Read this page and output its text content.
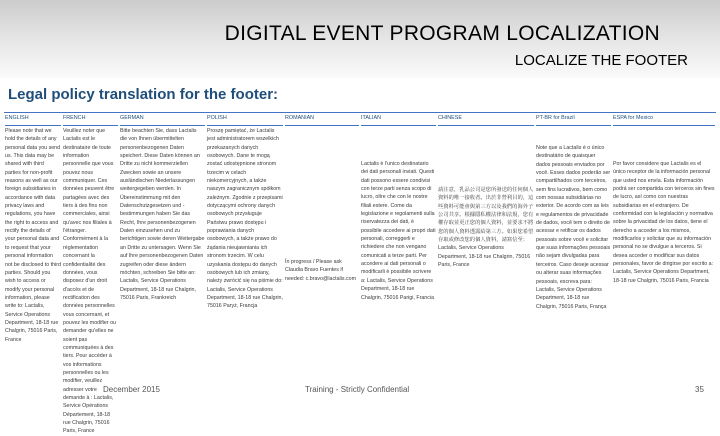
DIGITAL EVENT PROGRAM LOCALIZATION
LOCALIZE THE FOOTER
Legal policy translation for the footer:
ENGLISH
Please note that we hold the details of any personal data you send us. This data may be shared with third parties for non-profit reasons as well as our foreign subsidiaries in accordance with data privacy laws and regulations, you have the right to access and rectify the details of your personal data and to request that your personal information not be disclosed to third parties. Should you wish to access or modify your personal information, please write to: Lactalis, Service Operations Department, 18-18 rue Chalgrin, 75016 Paris, France
FRENCH
Veuillez noter que Lactalis est le destinataire de toute information personnelle que vous pouvez nous communiquer. Ces données peuvent être partagées avec des tiers à des fins non commerciales, ainsi qu'avec nos filiales à l'étranger. Conformément à la réglementation concernant la confidentialité des données, vous disposez d'un droit d'accès et de rectification des données personnelles vous concernant, et pouvez les modifier ou demander qu'elles ne soient pas communiquées à des tiers. Pour accéder à vos informations personnelles ou les modifier, veuillez adresser votre demande à : Lactalis, Service Opérations Département, 18-18 rue Chalgrin, 75016 Paris, France
GERMAN
Bitte beachten Sie, dass Lactalis die von Ihnen übermittelten personenbezogenen Daten speichert. Diese Daten können an Dritte zu nicht kommerziellen Zwecken sowie an unsere ausländischen Niederlassungen weitergegeben werden. In Übereinstimmung mit den Datenschutzgesetzen und -bestimmungen haben Sie das Recht, Ihre personenbezogenen Daten einzusehen und zu berichtigen sowie deren Weitergabe an Dritte zu untersagen. Wenn Sie auf Ihre personenbezogenen Daten zugreifen oder diese ändern möchten, schreiben Sie bitte an: Lactalis, Service Operations Department, 18-18 rue Chalgrin, 75016 Paris, Frankreich
POLISH
Proszę pamiętać, że Lactalis jest administratorem wszelkich przekazanych danych osobowych. Dane te mogą zostać udostępnione stronom trzecim w celach niekomercyjnych, a także naszym zagranicznym spółkom zależnym. Zgodnie z przepisami dotyczącymi ochrony danych osobowych przysługuje Państwu prawo dostępu i poprawiania danych osobowych, a także prawo do żądania nieujawniania ich stronom trzecim. W celu uzyskania dostępu do danych osobowych lub ich zmiany, należy zwrócić się na piśmie do: Lactalis, Service Operations Department, 18-18 rue Chalgrin, 75016 Paryż, Francja
ROMANIAN
În progress / Please ask Claudia Bravo Fuentes if needed: c.bravo@lactalis.com
ITALIAN
Lactalis è l'unico destinatario dei dati personali inviati. Questi dati possono essere condivisi con terze parti senza scopo di lucro, oltre che con le nostre filiali estere. Come da legislazione e regolamenti sulla riservatezza dei dati, è possibile accedere ai propri dati personali, correggerli e richiedere che non vengano comunicati a terze parti. Per accedere ai dati personali o modificarli è possibile scrivere a: Lactalis, Service Operations Department, 18-18 rue Chalgrin, 75016 Parigi, Francia
CHINESE
請注意，乳品公司是您所發送的任何個人資料的唯一接收者。出於非營利目的，這些資料可能會與第三方以及我們的海外子公司共享。根據隱私權法律和法規，您有權存取並更正您的個人資料，並要求不將您的個人資料透露給第三方。如果您希望存取或修改您的個人資料，請寫信至：Lactalis, Service Operations Department, 18-18 rue Chalgrin, 75016 Paris, France
PT-BR for Brazil
Note que a Lactalis é o único destinatário de quaisquer dados pessoais enviados por você. Esses dados poderão ser compartilhados com terceiros, sem fins lucrativos, bem como com nossas subsidiárias no exterior. De acordo com as leis e regulamentos de privacidade de dados, você tem o direito de acessar e retificar os dados pessoais sobre você e solicitar que suas informações pessoais não sejam divulgadas para terceiros. Caso deseje acessar ou alterar suas informações pessoais, escreva para: Lactalis, Service Operations Department, 18-18 rue Chalgrin, 75016 Paris, França
ESPA for Mexico
Por favor considere que Lactalis es el único receptor de la información personal que usted nos envía. Esta información podrá ser compartida con terceros sin fines de lucro, así como con nuestras subsidiarias en el extranjero. De conformidad con la legislación y normativa sobre la privacidad de los datos, tiene el derecho a acceder a los mismos, modificarlos y solicitar que su información personal no se divulgue a terceros. Si desea acceder o modificar sus datos personales, favor de dirigirse por escrito a: Lactalis, Service Operations Department, 18-18 rue Chalgrin, 75016 Paris, Francia
December 2015	Training - Strictly Confidential	35
